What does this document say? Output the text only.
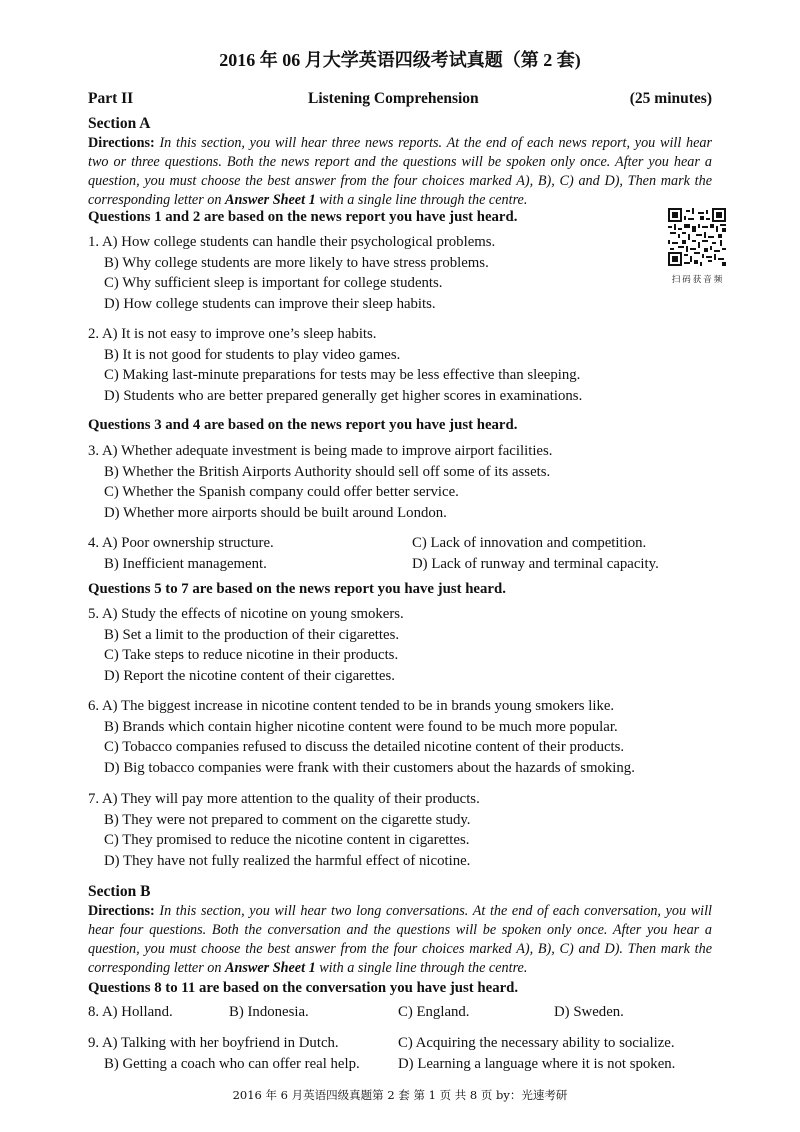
2016 年 06 月大学英语四级考试真题（第 2 套)
Part II	Listening Comprehension	(25 minutes)
Section A
Directions: In this section, you will hear three news reports. At the end of each news report, you will hear two or three questions. Both the news report and the questions will be spoken only once. After you hear a question, you must choose the best answer from the four choices marked A), B), C) and D), Then mark the corresponding letter on Answer Sheet 1 with a single line through the centre.
Questions 1 and 2 are based on the news report you have just heard.
扫码获音频
1. A) How college students can handle their psychological problems.
B) Why college students are more likely to have stress problems.
C) Why sufficient sleep is important for college students.
D) How college students can improve their sleep habits.
2. A) It is not easy to improve one’s sleep habits.
B) It is not good for students to play video games.
C) Making last-minute preparations for tests may be less effective than sleeping.
D) Students who are better prepared generally get higher scores in examinations.
Questions 3 and 4 are based on the news report you have just heard.
3. A) Whether adequate investment is being made to improve airport facilities.
B) Whether the British Airports Authority should sell off some of its assets.
C) Whether the Spanish company could offer better service.
D) Whether more airports should be built around London.
4. A) Poor ownership structure.	C) Lack of innovation and competition.
B) Inefficient management.	D) Lack of runway and terminal capacity.
Questions 5 to 7 are based on the news report you have just heard.
5. A) Study the effects of nicotine on young smokers.
B) Set a limit to the production of their cigarettes.
C) Take steps to reduce nicotine in their products.
D) Report the nicotine content of their cigarettes.
6. A) The biggest increase in nicotine content tended to be in brands young smokers like.
B) Brands which contain higher nicotine content were found to be much more popular.
C) Tobacco companies refused to discuss the detailed nicotine content of their products.
D) Big tobacco companies were frank with their customers about the hazards of smoking.
7. A) They will pay more attention to the quality of their products.
B) They were not prepared to comment on the cigarette study.
C) They promised to reduce the nicotine content in cigarettes.
D) They have not fully realized the harmful effect of nicotine.
Section B
Directions: In this section, you will hear two long conversations. At the end of each conversation, you will hear four questions. Both the conversation and the questions will be spoken only once. After you hear a question, you must choose the best answer from the four choices marked A), B), C) and D). Then mark the corresponding letter on Answer Sheet 1 with a single line through the centre.
Questions 8 to 11 are based on the conversation you have just heard.
8. A) Holland.	B) Indonesia.	C) England.	D) Sweden.
9. A) Talking with her boyfriend in Dutch.	C) Acquiring the necessary ability to socialize.
B) Getting a coach who can offer real help.	D) Learning a language where it is not spoken.
2016 年 6 月英语四级真题第 2 套 第 1 页 共 8 页 by：光速考研
